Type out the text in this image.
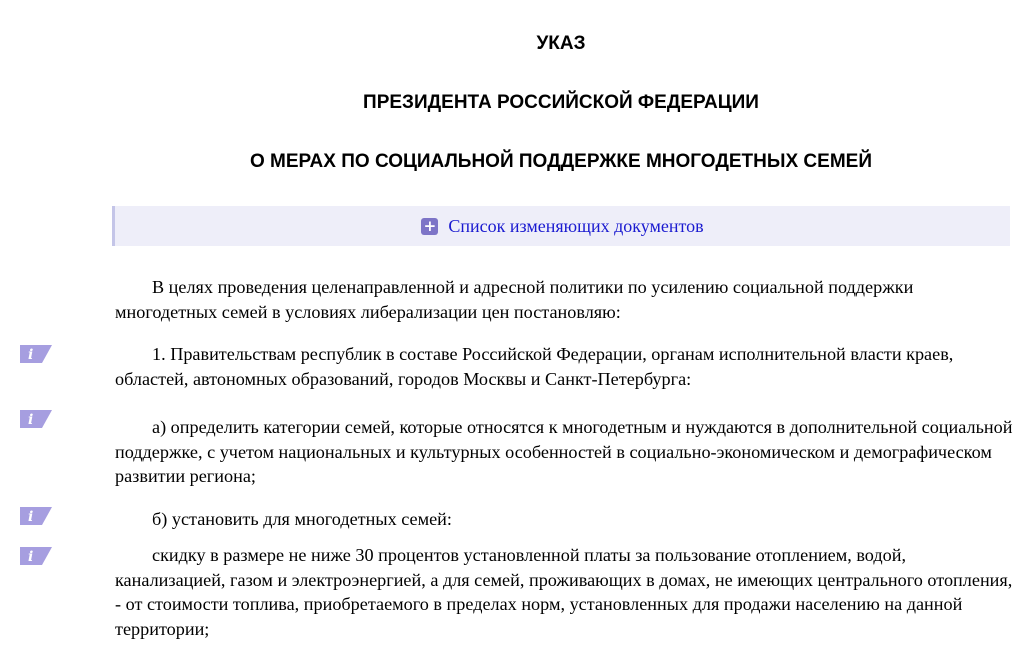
УКАЗ
ПРЕЗИДЕНТА РОССИЙСКОЙ ФЕДЕРАЦИИ
О МЕРАХ ПО СОЦИАЛЬНОЙ ПОДДЕРЖКЕ МНОГОДЕТНЫХ СЕМЕЙ
+ Список изменяющих документов

В целях проведения целенаправленной и адресной политики по усилению социальной поддержки многодетных семей в условиях либерализации цен постановляю:

i	1. Правительствам республик в составе Российской Федерации, органам исполнительной власти краев, областей, автономных образований, городов Москвы и Санкт-Петербурга:

i	а) определить категории семей, которые относятся к многодетным и нуждаются в дополнительной социальной поддержке, с учетом национальных и культурных особенностей в социально-экономическом и демографическом развитии региона;

i	б) установить для многодетных семей:

i	скидку в размере не ниже 30 процентов установленной платы за пользование отоплением, водой, канализацией, газом и электроэнергией, а для семей, проживающих в домах, не имеющих центрального отопления, - от стоимости топлива, приобретаемого в пределах норм, установленных для продажи населению на данной территории;
